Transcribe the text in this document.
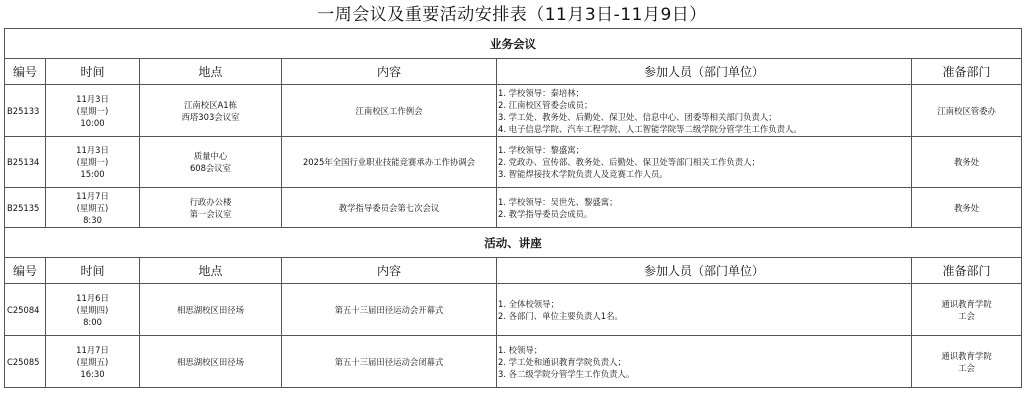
一周会议及重要活动安排表（11月3日-11月9日）
业务会议					
编号	时间	地点	内容	参加人员（部门单位）	准备部门
B25133	11月3日
(星期一)
10:00	江南校区A1栋
西塔303会议室	江南校区工作例会	1. 学校领导：秦培林；
2. 江南校区管委会成员；
3. 学工处、教务处、后勤处、保卫处、信息中心、团委等相关部门负责人；
4. 电子信息学院、汽车工程学院、人工智能学院等二级学院分管学生工作负责人。	江南校区管委办

B25134	11月3日
(星期一)
15:00	质量中心
608会议室	2025年全国行业职业技能竞赛承办工作协调会	1. 学校领导：黎盛寓；
2. 党政办、宣传部、教务处、后勤处、保卫处等部门相关工作负责人；
3. 智能焊接技术学院负责人及竞赛工作人员。	教务处

B25135	11月7日
(星期五)
8:30	行政办公楼
第一会议室	教学指导委员会第七次会议	1. 学校领导：吴世先、黎盛寓；
2. 教学指导委员会成员。	教务处

活动、讲座					
编号	时间	地点	内容	参加人员（部门单位）	准备部门
C25084	11月6日
(星期四)
8:00	相思湖校区田径场	第五十三届田径运动会开幕式	1. 全体校领导；
2. 各部门、单位主要负责人1名。	通识教育学院
工会

C25085	11月7日
(星期五)
16:30	相思湖校区田径场	第五十三届田径运动会闭幕式	1. 校领导；
2. 学工处和通识教育学院负责人；
3. 各二级学院分管学生工作负责人。	通识教育学院
工会
